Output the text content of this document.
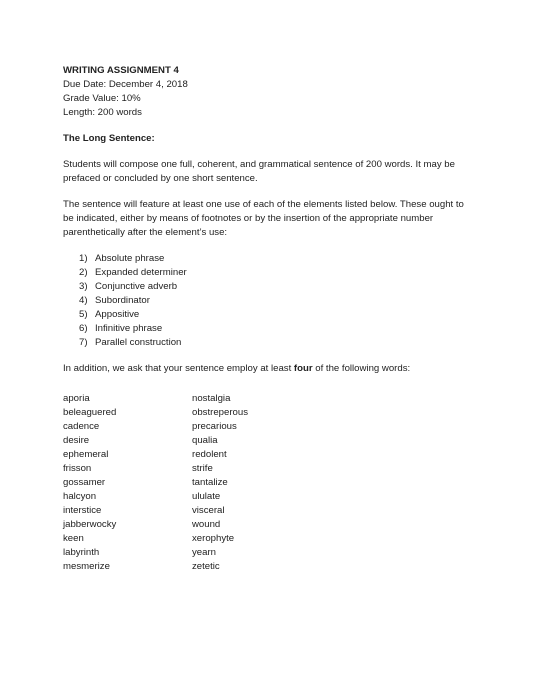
WRITING ASSIGNMENT 4
Due Date: December 4, 2018
Grade Value: 10%
Length: 200 words
The Long Sentence:
Students will compose one full, coherent, and grammatical sentence of 200 words. It may be
prefaced or concluded by one short sentence.
The sentence will feature at least one use of each of the elements listed below. These ought to
be indicated, either by means of footnotes or by the insertion of the appropriate number
parenthetically after the element’s use:
1) Absolute phrase
2) Expanded determiner
3) Conjunctive adverb
4) Subordinator
5) Appositive
6) Infinitive phrase
7) Parallel construction
In addition, we ask that your sentence employ at least four of the following words:
aporia
beleaguered
cadence
desire
ephemeral
frisson
gossamer
halcyon
interstice
jabberwocky
keen
labyrinth
mesmerize
nostalgia
obstreperous
precarious
qualia
redolent
strife
tantalize
ululate
visceral
wound
xerophyte
yearn
zetetic
